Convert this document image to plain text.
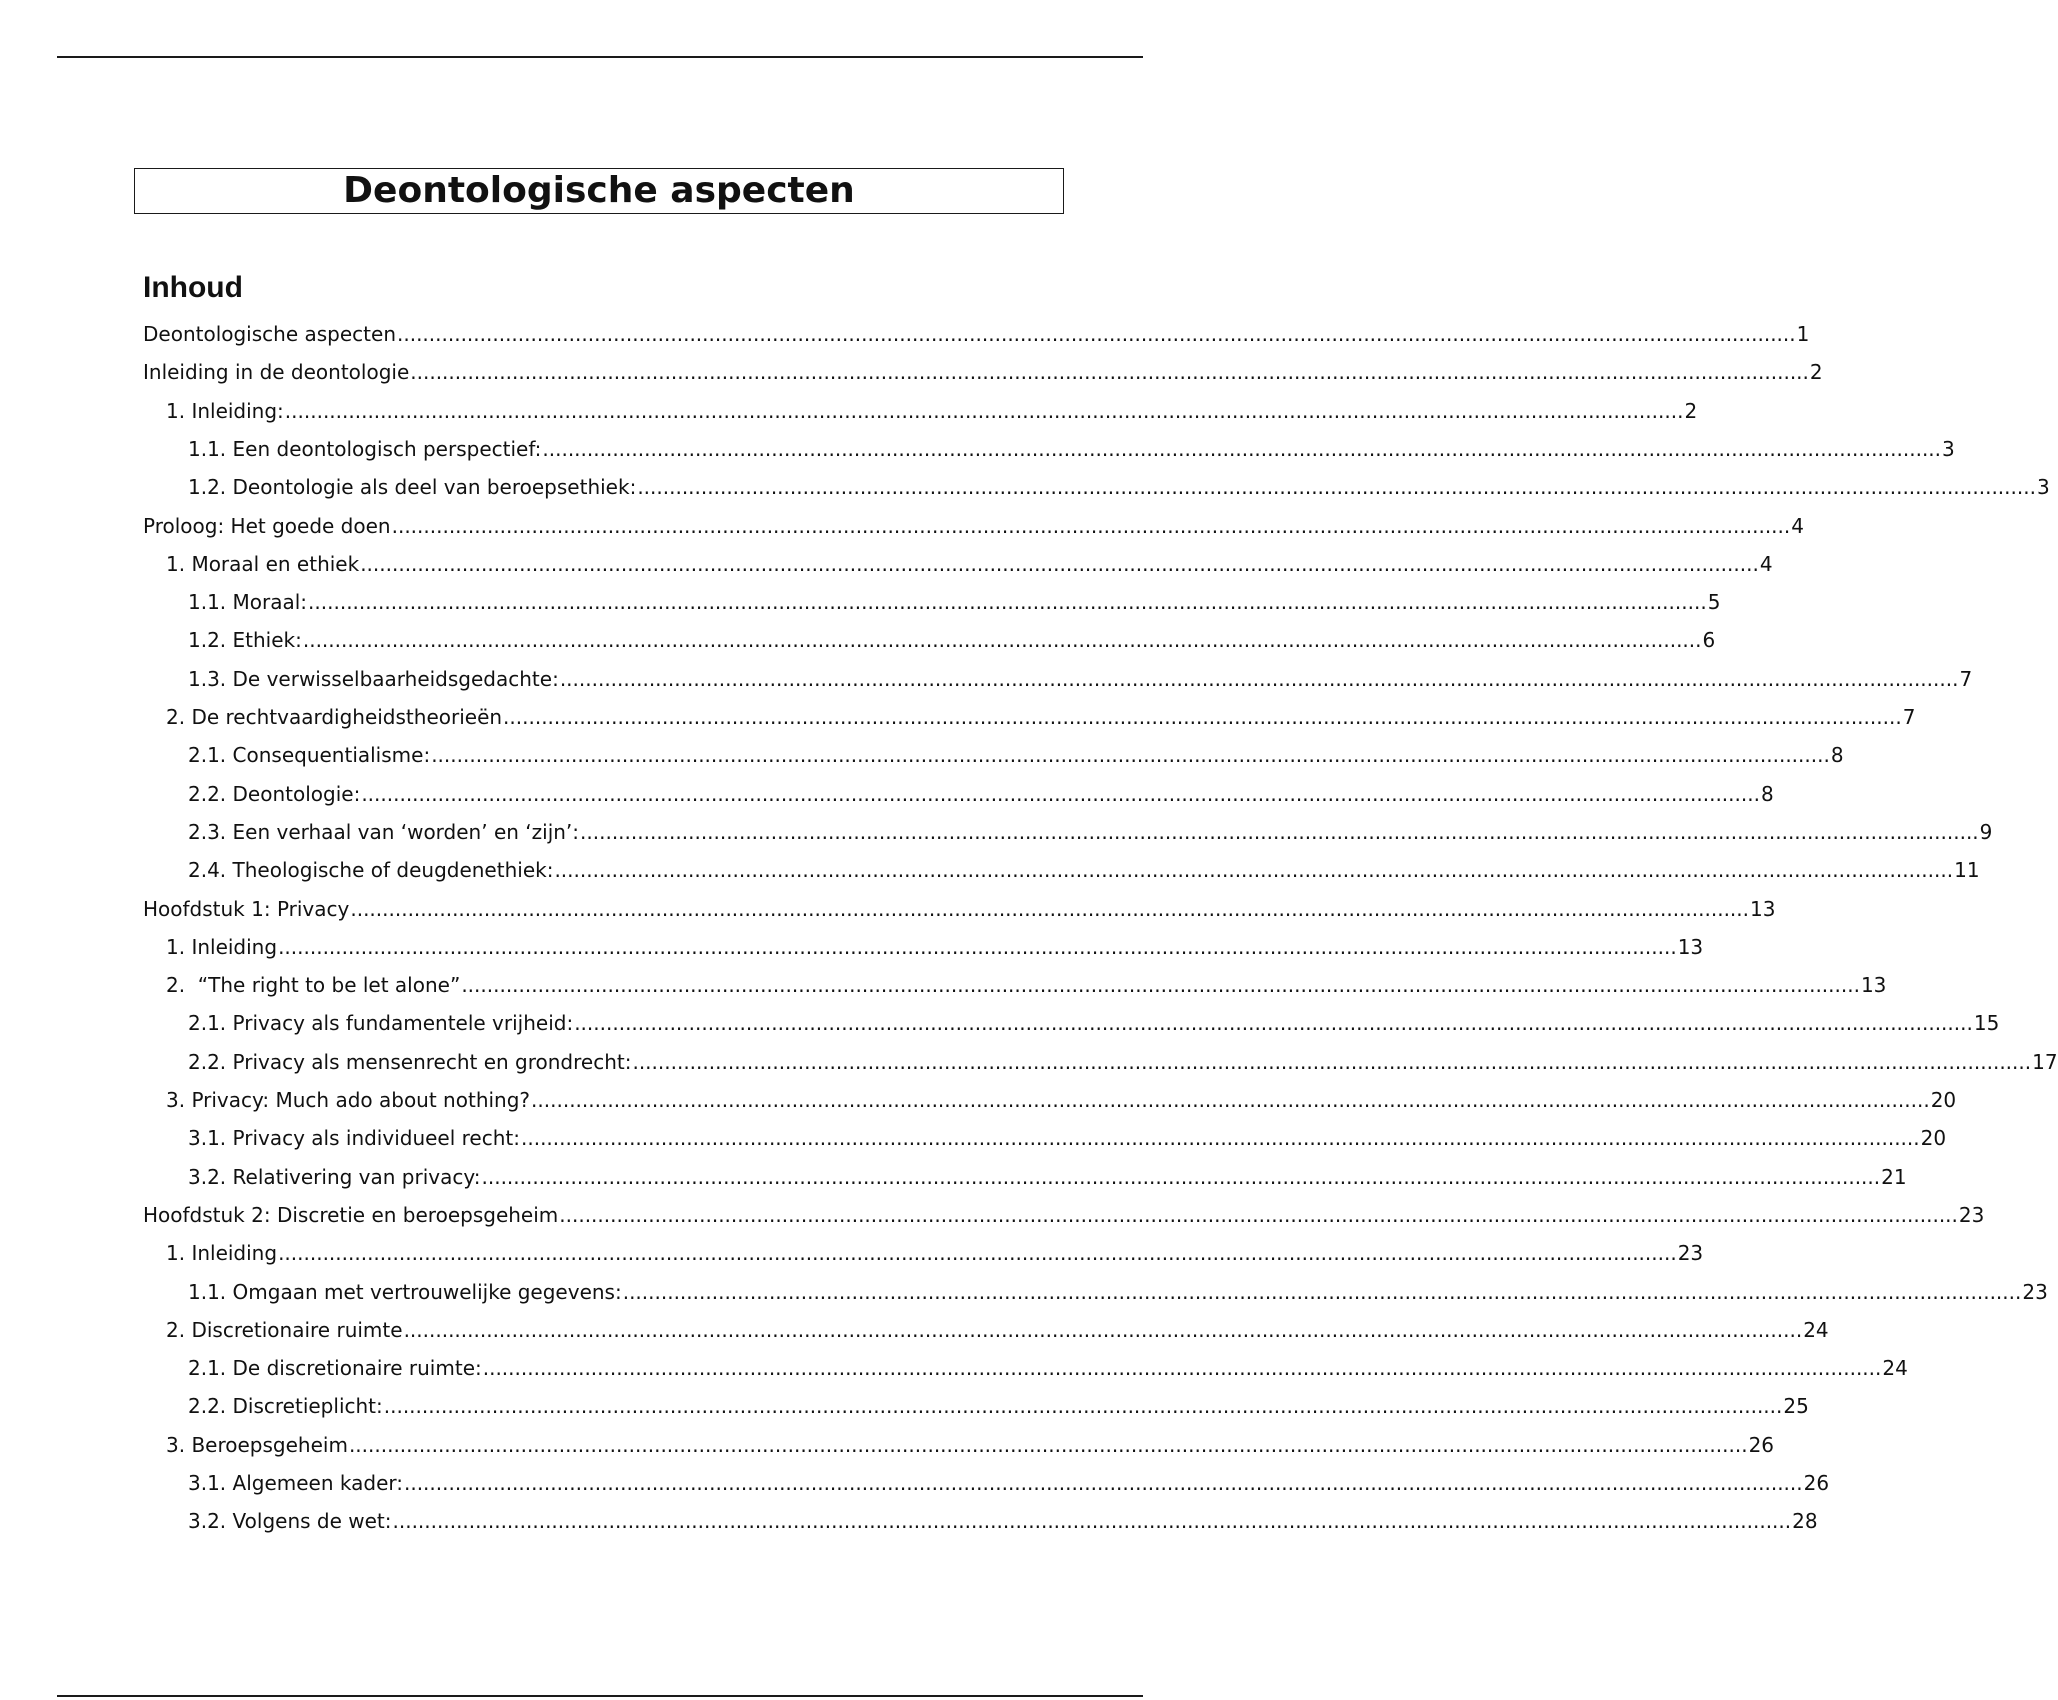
Deontologische aspecten
Inhoud
Deontologische aspecten ............................................................................................................................................................................................................................ 1
Inleiding in de deontologie ............................................................................................................................................................................................................................ 2
1. Inleiding: ............................................................................................................................................................................................................................ 2
1.1. Een deontologisch perspectief: ............................................................................................................................................................................................................................ 3
1.2. Deontologie als deel van beroepsethiek: ............................................................................................................................................................................................................................ 3
Proloog: Het goede doen ............................................................................................................................................................................................................................ 4
1. Moraal en ethiek ............................................................................................................................................................................................................................ 4
1.1. Moraal: ............................................................................................................................................................................................................................ 5
1.2. Ethiek: ............................................................................................................................................................................................................................ 6
1.3. De verwisselbaarheidsgedachte: ............................................................................................................................................................................................................................ 7
2. De rechtvaardigheidstheorieën ............................................................................................................................................................................................................................ 7
2.1. Consequentialisme: ............................................................................................................................................................................................................................ 8
2.2. Deontologie: ............................................................................................................................................................................................................................ 8
2.3. Een verhaal van ‘worden’ en ‘zijn’: ............................................................................................................................................................................................................................ 9
2.4. Theologische of deugdenethiek: ............................................................................................................................................................................................................................ 11
Hoofdstuk 1: Privacy ............................................................................................................................................................................................................................ 13
1. Inleiding ............................................................................................................................................................................................................................ 13
2.  “The right to be let alone” ............................................................................................................................................................................................................................ 13
2.1. Privacy als fundamentele vrijheid: ............................................................................................................................................................................................................................ 15
2.2. Privacy als mensenrecht en grondrecht: ............................................................................................................................................................................................................................ 17
3. Privacy: Much ado about nothing? ............................................................................................................................................................................................................................ 20
3.1. Privacy als individueel recht: ............................................................................................................................................................................................................................ 20
3.2. Relativering van privacy: ............................................................................................................................................................................................................................ 21
Hoofdstuk 2: Discretie en beroepsgeheim ............................................................................................................................................................................................................................ 23
1. Inleiding ............................................................................................................................................................................................................................ 23
1.1. Omgaan met vertrouwelijke gegevens: ............................................................................................................................................................................................................................ 23
2. Discretionaire ruimte ............................................................................................................................................................................................................................ 24
2.1. De discretionaire ruimte: ............................................................................................................................................................................................................................ 24
2.2. Discretieplicht: ............................................................................................................................................................................................................................ 25
3. Beroepsgeheim ............................................................................................................................................................................................................................ 26
3.1. Algemeen kader: ............................................................................................................................................................................................................................ 26
3.2. Volgens de wet: ............................................................................................................................................................................................................................ 28
